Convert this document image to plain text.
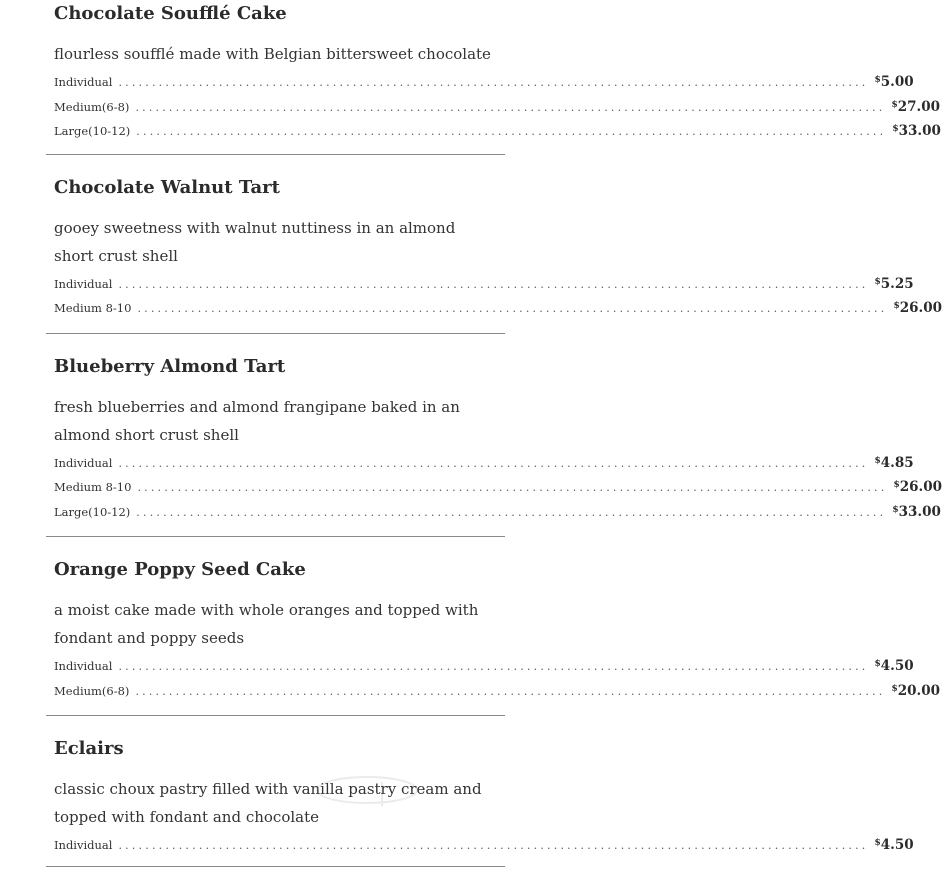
Chocolate Soufflé Cake

flourless soufflé made with Belgian bittersweet chocolate

Individual ................................................................................................................ $5.00
Medium(6-8) ................................................................................................................ $27.00
Large(10-12) ................................................................................................................ $33.00
Chocolate Walnut Tart

gooey sweetness with walnut nuttiness in an almond short crust shell

Individual ................................................................................................................ $5.25
Medium 8-10 ................................................................................................................ $26.00
Blueberry Almond Tart

fresh blueberries and almond frangipane baked in an almond short crust shell

Individual ................................................................................................................ $4.85
Medium 8-10 ................................................................................................................ $26.00
Large(10-12) ................................................................................................................ $33.00
Orange Poppy Seed Cake

a moist cake made with whole oranges and topped with fondant and poppy seeds

Individual ................................................................................................................ $4.50
Medium(6-8) ................................................................................................................ $20.00
Eclairs

classic choux pastry filled with vanilla pastry cream and topped with fondant and chocolate

Individual ................................................................................................................ $4.50
